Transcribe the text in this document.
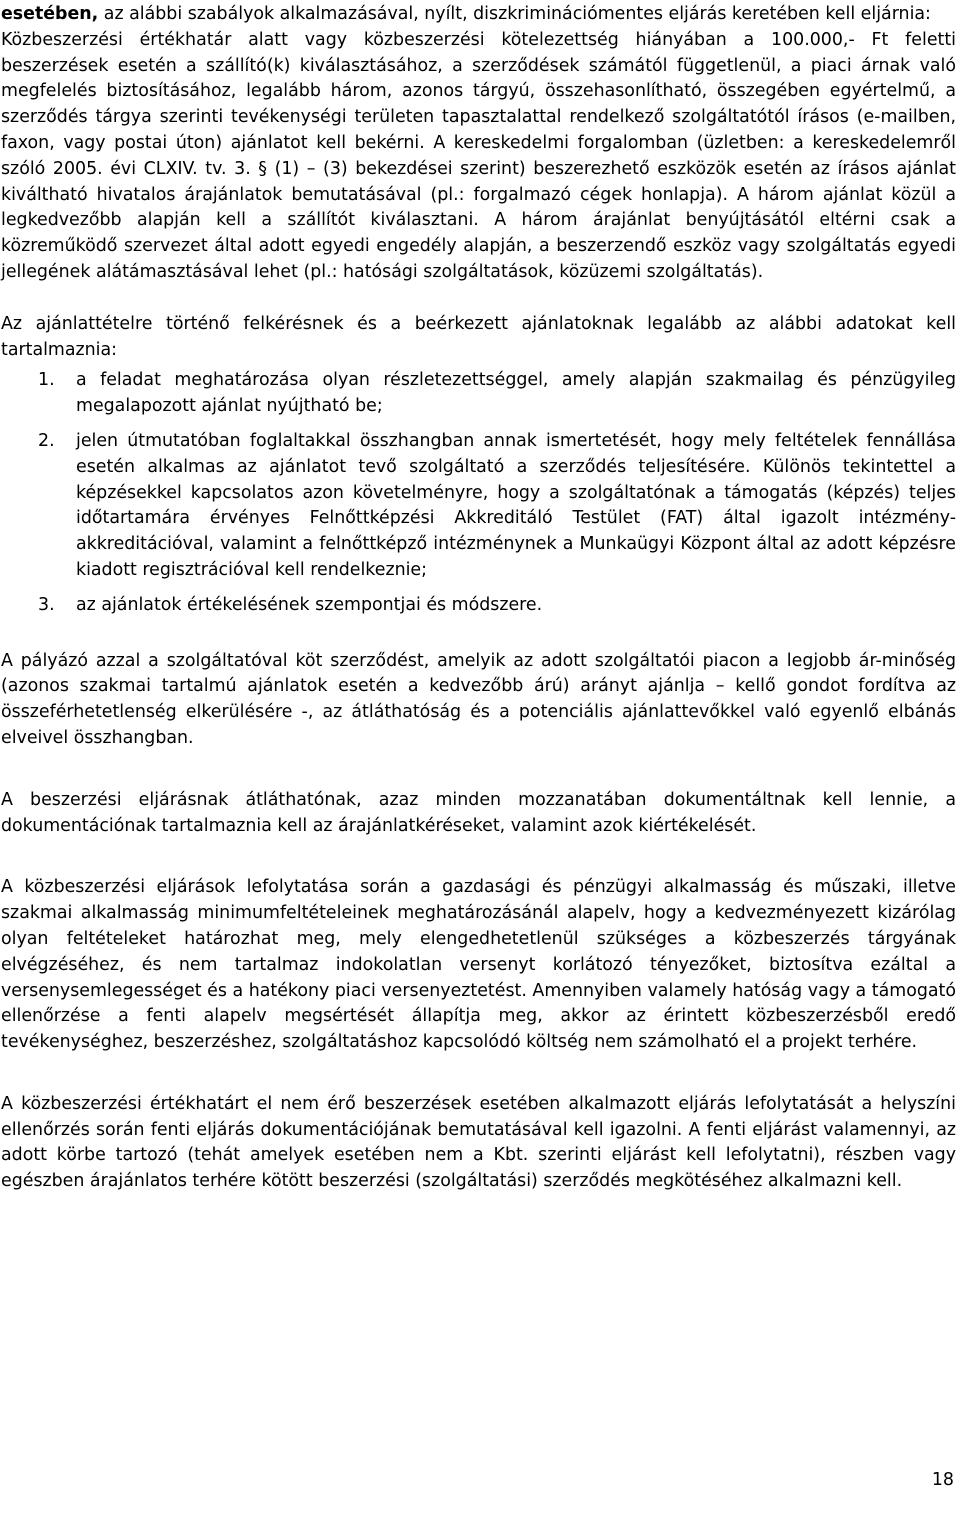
esetében, az alábbi szabályok alkalmazásával, nyílt, diszkriminációmentes eljárás keretében kell eljárnia:

Közbeszerzési értékhatár alatt vagy közbeszerzési kötelezettség hiányában a 100.000,- Ft feletti beszerzések esetén a szállító(k) kiválasztásához, a szerződések számától függetlenül, a piaci árnak való megfelelés biztosításához, legalább három, azonos tárgyú, összehasonlítható, összegében egyértelmű, a szerződés tárgya szerinti tevékenységi területen tapasztalattal rendelkező szolgáltatótól írásos (e-mailben, faxon, vagy postai úton) ajánlatot kell bekérni. A kereskedelmi forgalomban (üzletben: a kereskedelemről szóló 2005. évi CLXIV. tv. 3. § (1) – (3) bekezdései szerint) beszerezhető eszközök esetén az írásos ajánlat kiváltható hivatalos árajánlatok bemutatásával (pl.: forgalmazó cégek honlapja). A három ajánlat közül a legkedvezőbb alapján kell a szállítót kiválasztani. A három árajánlat benyújtásától eltérni csak a közreműködő szervezet által adott egyedi engedély alapján, a beszerzendő eszköz vagy szolgáltatás egyedi jellegének alátámasztásával lehet (pl.: hatósági szolgáltatások, közüzemi szolgáltatás).

Az ajánlattételre történő felkérésnek és a beérkezett ajánlatoknak legalább az alábbi adatokat kell tartalmaznia:

1. a feladat meghatározása olyan részletezettséggel, amely alapján szakmailag és pénzügyileg megalapozott ajánlat nyújtható be;
2. jelen útmutatóban foglaltakkal összhangban annak ismertetését, hogy mely feltételek fennállása esetén alkalmas az ajánlatot tevő szolgáltató a szerződés teljesítésére. Különös tekintettel a képzésekkel kapcsolatos azon követelményre, hogy a szolgáltatónak a támogatás (képzés) teljes időtartamára érvényes Felnőttképzési Akkreditáló Testület (FAT) által igazolt intézmény-akkreditációval, valamint a felnőttképző intézménynek a Munkaügyi Központ által az adott képzésre kiadott regisztrációval kell rendelkeznie;
3. az ajánlatok értékelésének szempontjai és módszere.

A pályázó azzal a szolgáltatóval köt szerződést, amelyik az adott szolgáltatói piacon a legjobb ár-minőség (azonos szakmai tartalmú ajánlatok esetén a kedvezőbb árú) arányt ajánlja – kellő gondot fordítva az összeférhetetlenség elkerülésére -, az átláthatóság és a potenciális ajánlattevőkkel való egyenlő elbánás elveivel összhangban.

A beszerzési eljárásnak átláthatónak, azaz minden mozzanatában dokumentáltnak kell lennie, a dokumentációnak tartalmaznia kell az árajánlatkéréseket, valamint azok kiértékelését.

A közbeszerzési eljárások lefolytatása során a gazdasági és pénzügyi alkalmasság és műszaki, illetve szakmai alkalmasság minimumfeltételeinek meghatározásánál alapelv, hogy a kedvezményezett kizárólag olyan feltételeket határozhat meg, mely elengedhetetlenül szükséges a közbeszerzés tárgyának elvégzéséhez, és nem tartalmaz indokolatlan versenyt korlátozó tényezőket, biztosítva ezáltal a versenysemlegességet és a hatékony piaci versenyeztetést. Amennyiben valamely hatóság vagy a támogató ellenőrzése a fenti alapelv megsértését állapítja meg, akkor az érintett közbeszerzésből eredő tevékenységhez, beszerzéshez, szolgáltatáshoz kapcsolódó költség nem számolható el a projekt terhére.

A közbeszerzési értékhatárt el nem érő beszerzések esetében alkalmazott eljárás lefolytatását a helyszíni ellenőrzés során fenti eljárás dokumentációjának bemutatásával kell igazolni. A fenti eljárást valamennyi, az adott körbe tartozó (tehát amelyek esetében nem a Kbt. szerinti eljárást kell lefolytatni), részben vagy egészben árajánlatos terhére kötött beszerzési (szolgáltatási) szerződés megkötéséhez alkalmazni kell.

18
